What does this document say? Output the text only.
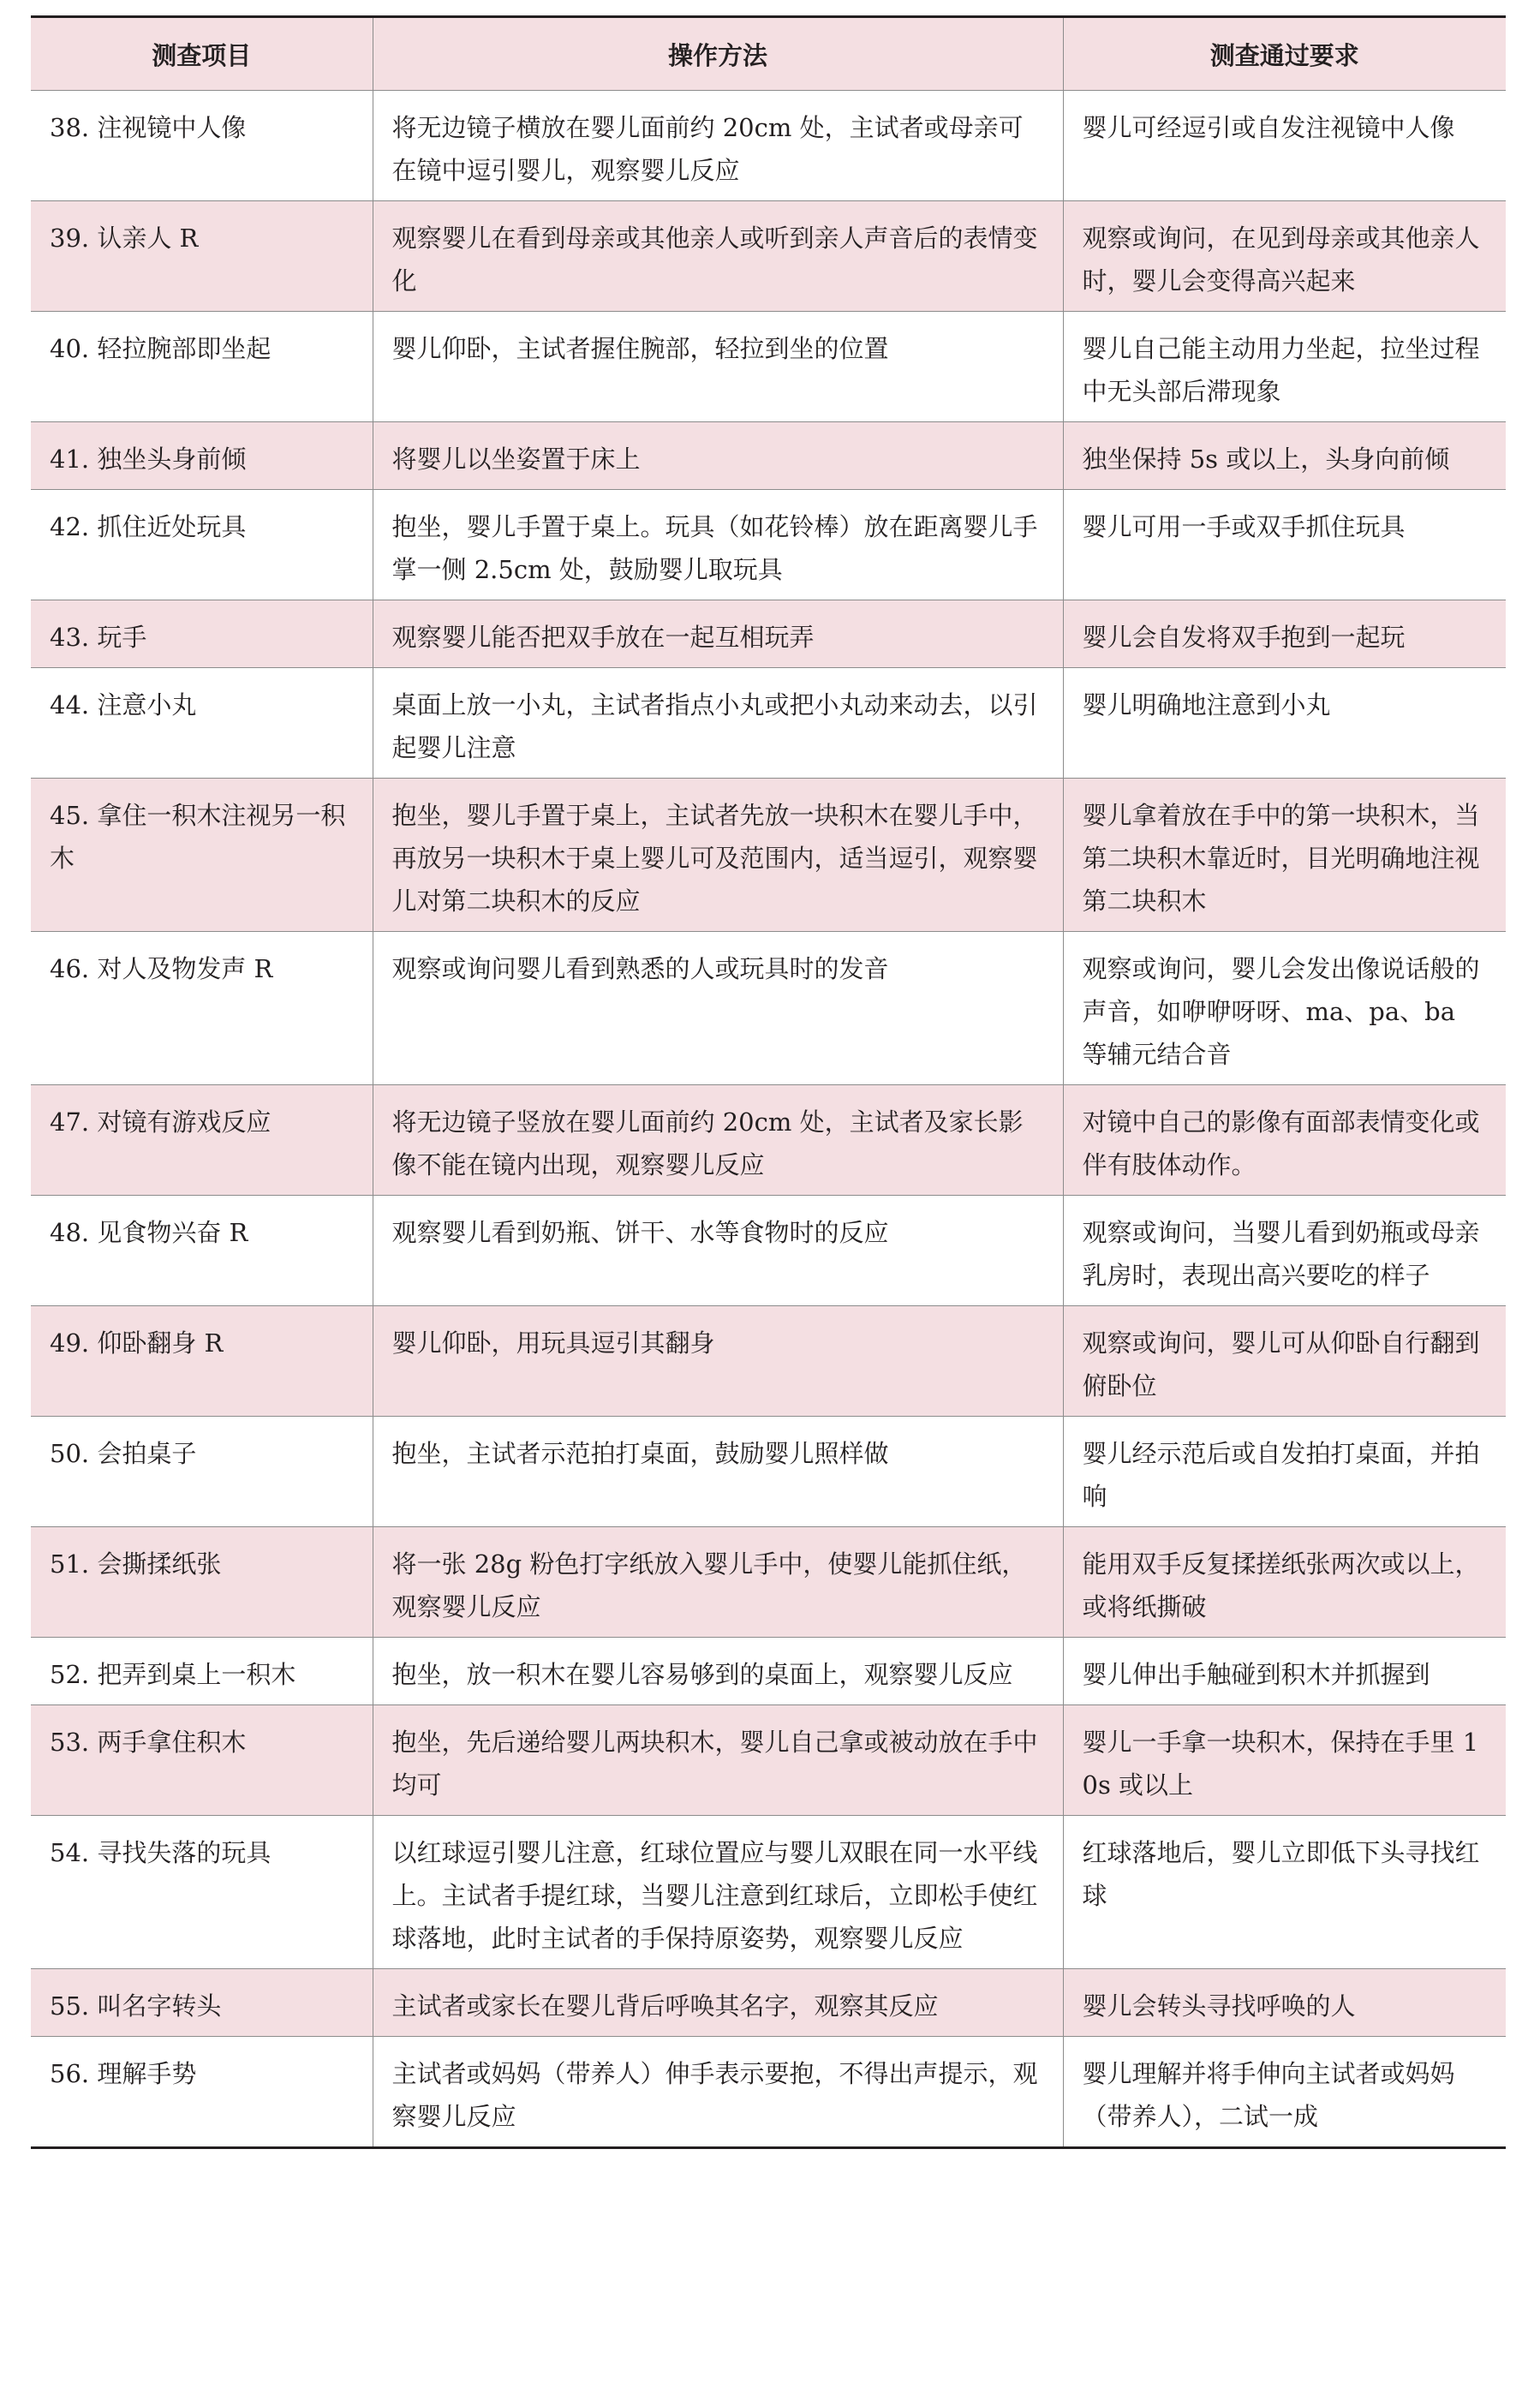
测查项目	操作方法	测查通过要求
38. 注视镜中人像	将无边镜子横放在婴儿面前约 20cm 处，主试者或母亲可在镜中逗引婴儿，观察婴儿反应	婴儿可经逗引或自发注视镜中人像
39. 认亲人 R	观察婴儿在看到母亲或其他亲人或听到亲人声音后的表情变化	观察或询问，在见到母亲或其他亲人时，婴儿会变得高兴起来
40. 轻拉腕部即坐起	婴儿仰卧，主试者握住腕部，轻拉到坐的位置	婴儿自己能主动用力坐起，拉坐过程中无头部后滞现象
41. 独坐头身前倾	将婴儿以坐姿置于床上	独坐保持 5s 或以上，头身向前倾
42. 抓住近处玩具	抱坐，婴儿手置于桌上。玩具（如花铃棒）放在距离婴儿手掌一侧 2.5cm 处，鼓励婴儿取玩具	婴儿可用一手或双手抓住玩具
43. 玩手	观察婴儿能否把双手放在一起互相玩弄	婴儿会自发将双手抱到一起玩
44. 注意小丸	桌面上放一小丸，主试者指点小丸或把小丸动来动去，以引起婴儿注意	婴儿明确地注意到小丸
45. 拿住一积木注视另一积木	抱坐，婴儿手置于桌上，主试者先放一块积木在婴儿手中，再放另一块积木于桌上婴儿可及范围内，适当逗引，观察婴儿对第二块积木的反应	婴儿拿着放在手中的第一块积木，当第二块积木靠近时，目光明确地注视第二块积木
46. 对人及物发声 R	观察或询问婴儿看到熟悉的人或玩具时的发音	观察或询问，婴儿会发出像说话般的声音，如咿咿呀呀、ma、pa、ba 等辅元结合音
47. 对镜有游戏反应	将无边镜子竖放在婴儿面前约 20cm 处，主试者及家长影像不能在镜内出现，观察婴儿反应	对镜中自己的影像有面部表情变化或伴有肢体动作。
48. 见食物兴奋 R	观察婴儿看到奶瓶、饼干、水等食物时的反应	观察或询问，当婴儿看到奶瓶或母亲乳房时，表现出高兴要吃的样子
49. 仰卧翻身 R	婴儿仰卧，用玩具逗引其翻身	观察或询问，婴儿可从仰卧自行翻到俯卧位
50. 会拍桌子	抱坐，主试者示范拍打桌面，鼓励婴儿照样做	婴儿经示范后或自发拍打桌面，并拍响
51. 会撕揉纸张	将一张 28g 粉色打字纸放入婴儿手中，使婴儿能抓住纸，观察婴儿反应	能用双手反复揉搓纸张两次或以上，或将纸撕破
52. 把弄到桌上一积木	抱坐，放一积木在婴儿容易够到的桌面上，观察婴儿反应	婴儿伸出手触碰到积木并抓握到
53. 两手拿住积木	抱坐，先后递给婴儿两块积木，婴儿自己拿或被动放在手中均可	婴儿一手拿一块积木，保持在手里 10s 或以上
54. 寻找失落的玩具	以红球逗引婴儿注意，红球位置应与婴儿双眼在同一水平线上。主试者手提红球，当婴儿注意到红球后，立即松手使红球落地，此时主试者的手保持原姿势，观察婴儿反应	红球落地后，婴儿立即低下头寻找红球
55. 叫名字转头	主试者或家长在婴儿背后呼唤其名字，观察其反应	婴儿会转头寻找呼唤的人
56. 理解手势	主试者或妈妈（带养人）伸手表示要抱，不得出声提示，观察婴儿反应	婴儿理解并将手伸向主试者或妈妈（带养人），二试一成
